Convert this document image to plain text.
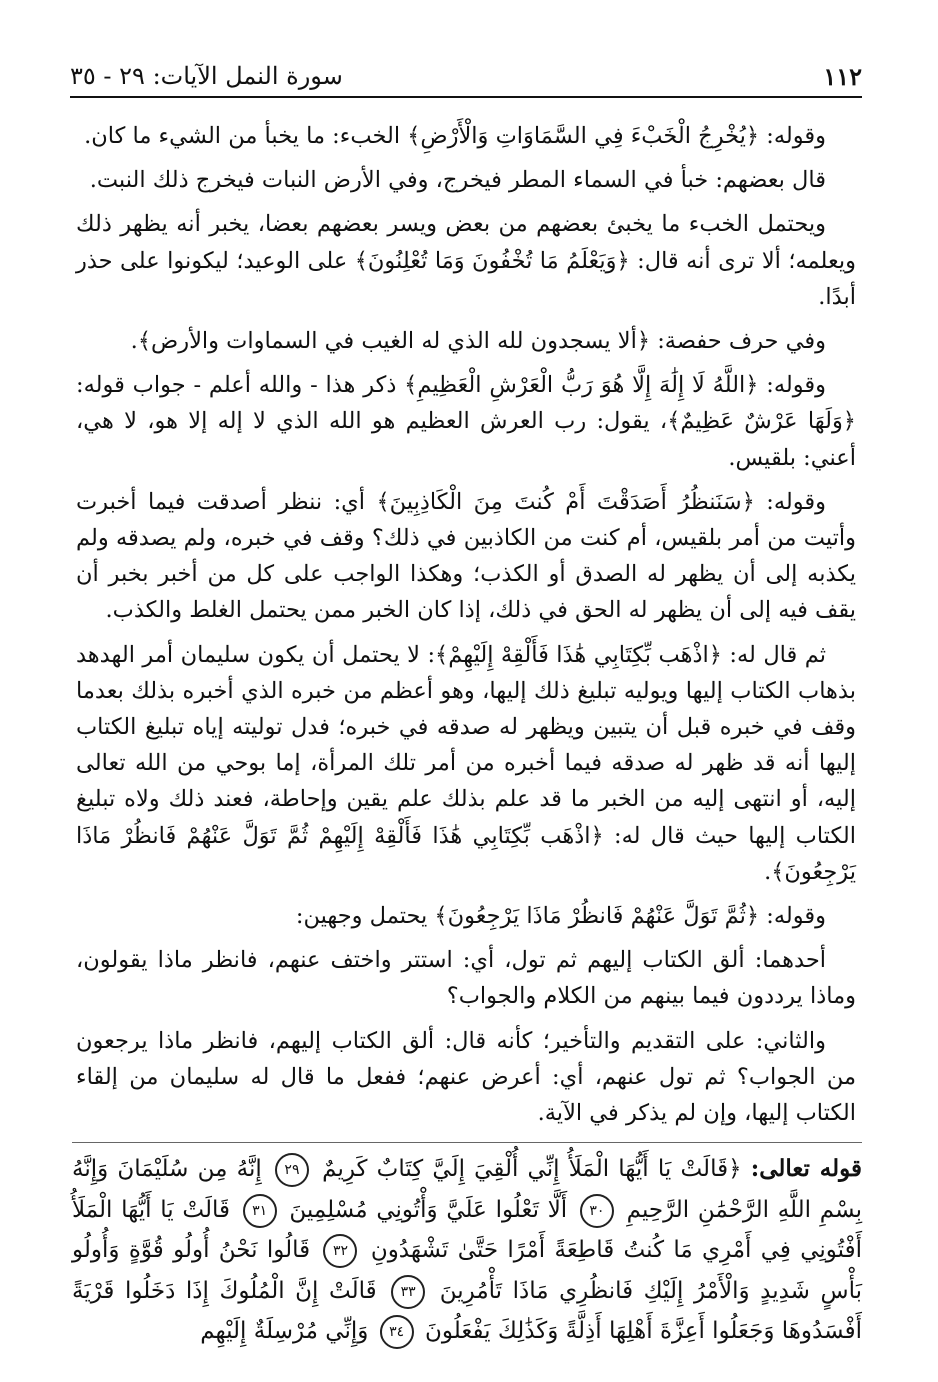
١١٢
سورة النمل الآيات: ٢٩ - ٣٥

وقوله: ﴿يُخْرِجُ الْخَبْءَ فِي السَّمَاوَاتِ وَالْأَرْضِ﴾ الخبء: ما يخبأ من الشيء ما كان.

قال بعضهم: خبأ في السماء المطر فيخرج، وفي الأرض النبات فيخرج ذلك النبت.

ويحتمل الخبء ما يخبئ بعضهم من بعض ويسر بعضهم بعضا، يخبر أنه يظهر ذلك ويعلمه؛ ألا ترى أنه قال: ﴿وَيَعْلَمُ مَا تُخْفُونَ وَمَا تُعْلِنُونَ﴾ على الوعيد؛ ليكونوا على حذر أبدًا.

وفي حرف حفصة: ﴿ألا يسجدون لله الذي له الغيب في السماوات والأرض﴾.

وقوله: ﴿اللَّهُ لَا إِلَٰهَ إِلَّا هُوَ رَبُّ الْعَرْشِ الْعَظِيمِ﴾ ذكر هذا - والله أعلم - جواب قوله: ﴿وَلَهَا عَرْشٌ عَظِيمٌ﴾، يقول: رب العرش العظيم هو الله الذي لا إله إلا هو، لا هي، أعني: بلقيس.

وقوله: ﴿سَنَنظُرُ أَصَدَقْتَ أَمْ كُنتَ مِنَ الْكَاذِبِينَ﴾ أي: ننظر أصدقت فيما أخبرت وأتيت من أمر بلقيس، أم كنت من الكاذبين في ذلك؟ وقف في خبره، ولم يصدقه ولم يكذبه إلى أن يظهر له الصدق أو الكذب؛ وهكذا الواجب على كل من أخبر بخبر أن يقف فيه إلى أن يظهر له الحق في ذلك، إذا كان الخبر ممن يحتمل الغلط والكذب.

ثم قال له: ﴿اذْهَب بِّكِتَابِي هَٰذَا فَأَلْقِهْ إِلَيْهِمْ﴾: لا يحتمل أن يكون سليمان أمر الهدهد بذهاب الكتاب إليها ويوليه تبليغ ذلك إليها، وهو أعظم من خبره الذي أخبره بذلك بعدما وقف في خبره قبل أن يتبين ويظهر له صدقه في خبره؛ فدل توليته إياه تبليغ الكتاب إليها أنه قد ظهر له صدقه فيما أخبره من أمر تلك المرأة، إما بوحي من الله تعالى إليه، أو انتهى إليه من الخبر ما قد علم بذلك علم يقين وإحاطة، فعند ذلك ولاه تبليغ الكتاب إليها حيث قال له: ﴿اذْهَب بِّكِتَابِي هَٰذَا فَأَلْقِهْ إِلَيْهِمْ ثُمَّ تَوَلَّ عَنْهُمْ فَانظُرْ مَاذَا يَرْجِعُونَ﴾.

وقوله: ﴿ثُمَّ تَوَلَّ عَنْهُمْ فَانظُرْ مَاذَا يَرْجِعُونَ﴾ يحتمل وجهين:

أحدهما: ألق الكتاب إليهم ثم تول، أي: استتر واختف عنهم، فانظر ماذا يقولون، وماذا يرددون فيما بينهم من الكلام والجواب؟

والثاني: على التقديم والتأخير؛ كأنه قال: ألق الكتاب إليهم، فانظر ماذا يرجعون من الجواب؟ ثم تول عنهم، أي: أعرض عنهم؛ ففعل ما قال له سليمان من إلقاء الكتاب إليها، وإن لم يذكر في الآية.

قوله تعالى: ﴿قَالَتْ يَا أَيُّهَا الْمَلَأُ إِنِّي أُلْقِيَ إِلَيَّ كِتَابٌ كَرِيمٌ ٢٩ إِنَّهُ مِن سُلَيْمَانَ وَإِنَّهُ بِسْمِ اللَّهِ الرَّحْمَٰنِ الرَّحِيمِ ٣٠ أَلَّا تَعْلُوا عَلَيَّ وَأْتُونِي مُسْلِمِينَ ٣١ قَالَتْ يَا أَيُّهَا الْمَلَأُ أَفْتُونِي فِي أَمْرِي مَا كُنتُ قَاطِعَةً أَمْرًا حَتَّىٰ تَشْهَدُونِ ٣٢ قَالُوا نَحْنُ أُولُو قُوَّةٍ وَأُولُو بَأْسٍ شَدِيدٍ وَالْأَمْرُ إِلَيْكِ فَانظُرِي مَاذَا تَأْمُرِينَ ٣٣ قَالَتْ إِنَّ الْمُلُوكَ إِذَا دَخَلُوا قَرْيَةً أَفْسَدُوهَا وَجَعَلُوا أَعِزَّةَ أَهْلِهَا أَذِلَّةً وَكَذَٰلِكَ يَفْعَلُونَ ٣٤ وَإِنِّي مُرْسِلَةٌ إِلَيْهِم
